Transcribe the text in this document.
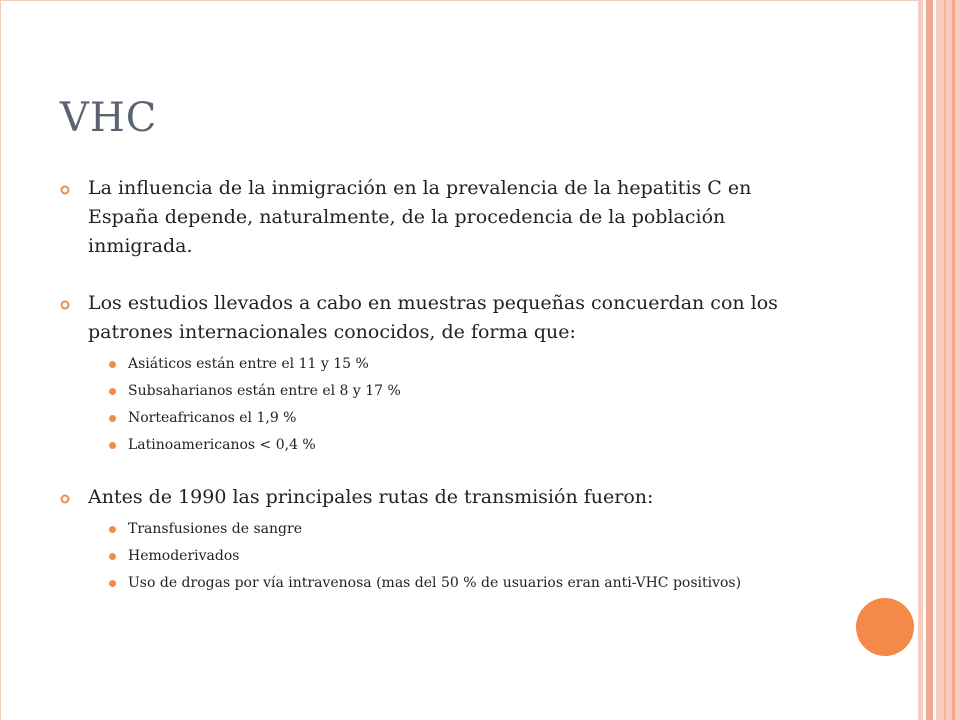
VHC
La influencia de la inmigración en la prevalencia de la hepatitis C en España depende, naturalmente, de la procedencia de la población inmigrada.
Los estudios llevados a cabo en muestras pequeñas concuerdan con los patrones internacionales conocidos, de forma que:
Asiáticos están entre el 11 y 15 %
Subsaharianos están entre el 8 y 17 %
Norteafricanos el 1,9 %
Latinoamericanos < 0,4 %
Antes de 1990 las principales rutas de transmisión fueron:
Transfusiones de sangre
Hemoderivados
Uso de drogas por vía intravenosa (mas del 50 % de usuarios eran anti-VHC positivos)
